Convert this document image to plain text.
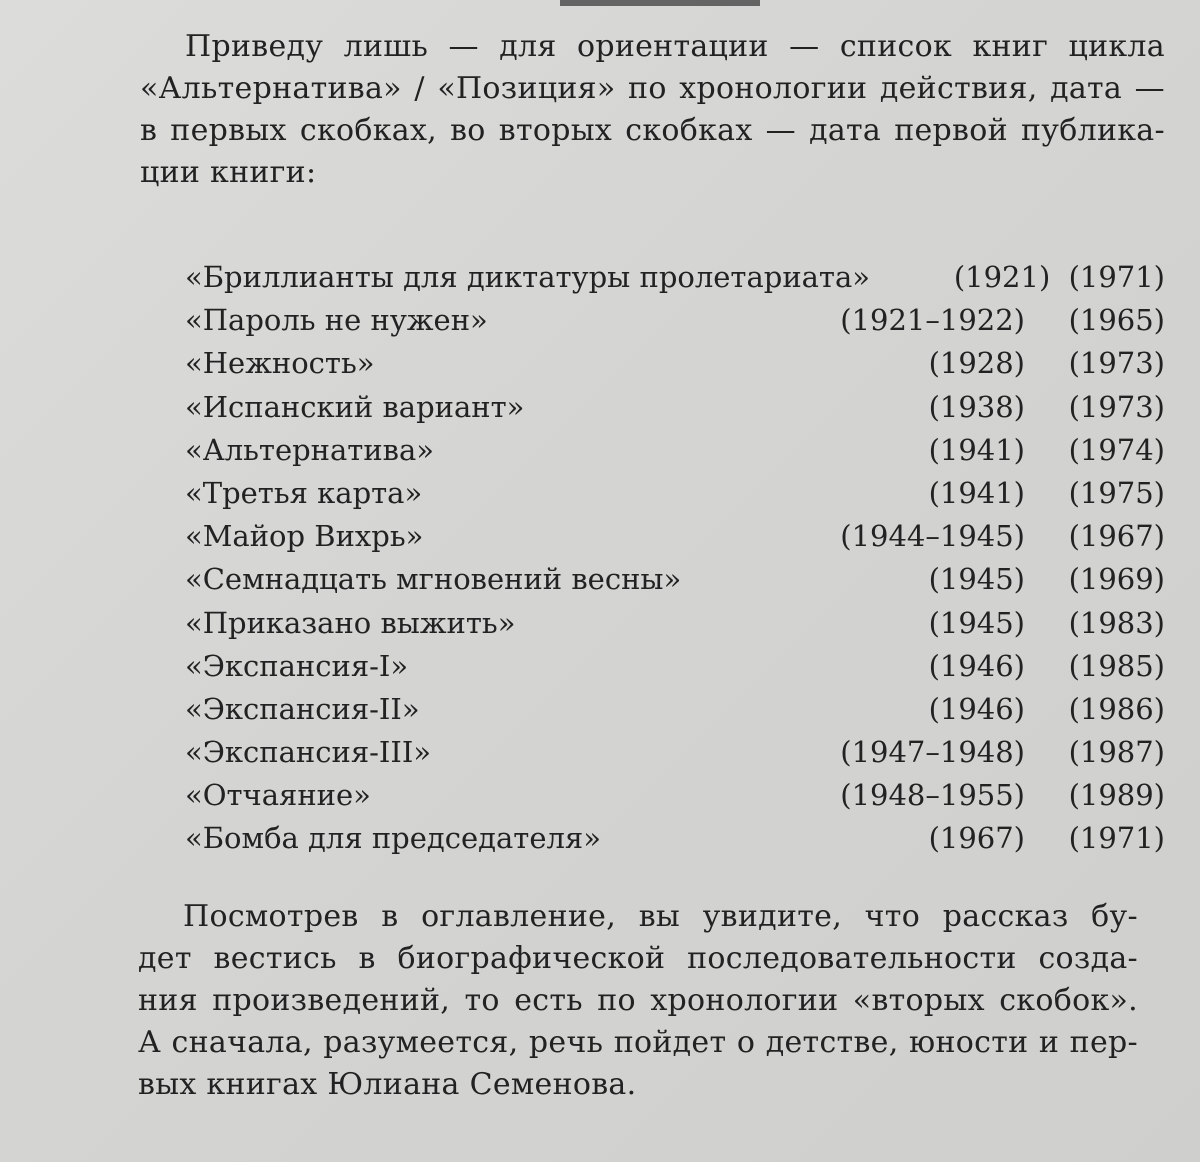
Приведу лишь — для ориентации — список книг цикла
«Альтернатива» / «Позиция» по хронологии действия, дата —
в первых скобках, во вторых скобках — дата первой публика-
ции книги:
«Бриллианты для диктатуры пролетариата»	(1921) (1971)
«Пароль не нужен»	(1921–1922)	(1965)
«Нежность»	(1928)	(1973)
«Испанский вариант»	(1938)	(1973)
«Альтернатива»	(1941)	(1974)
«Третья карта»	(1941)	(1975)
«Майор Вихрь»	(1944–1945)	(1967)
«Семнадцать мгновений весны»	(1945)	(1969)
«Приказано выжить»	(1945)	(1983)
«Экспансия-I»	(1946)	(1985)
«Экспансия-II»	(1946)	(1986)
«Экспансия-III»	(1947–1948)	(1987)
«Отчаяние»	(1948–1955)	(1989)
«Бомба для председателя»	(1967)	(1971)
Посмотрев в оглавление, вы увидите, что рассказ бу-
дет вестись в биографической последовательности созда-
ния произведений, то есть по хронологии «вторых скобок».
А сначала, разумеется, речь пойдет о детстве, юности и пер-
вых книгах Юлиана Семенова.
